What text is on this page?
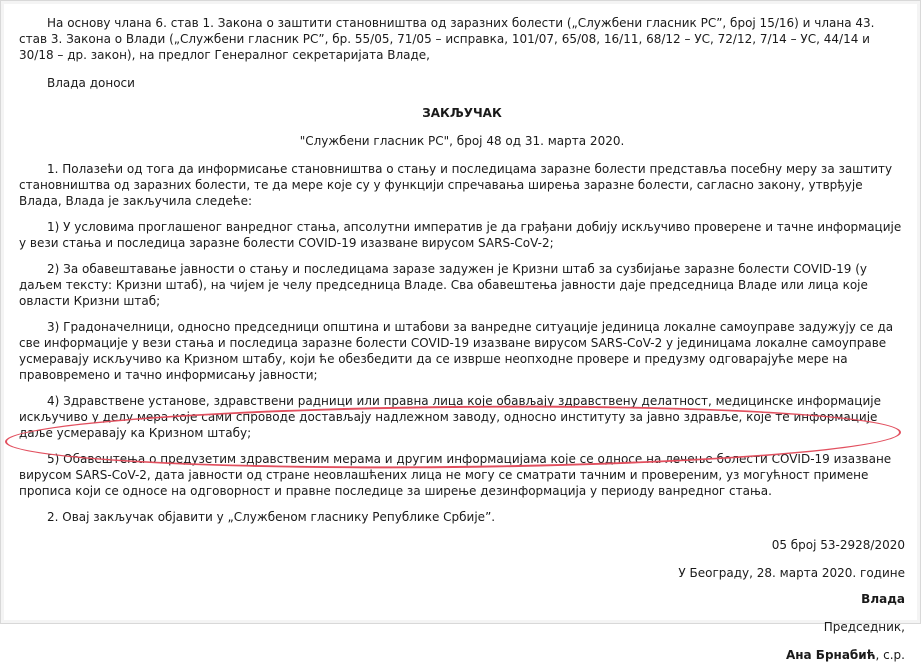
На основу члана 6. став 1. Закона о заштити становништва од заразних болести („Службени гласник РС”, број 15/16) и члана 43. став 3. Закона о Влади („Службени гласник РС”, бр. 55/05, 71/05 – исправка, 101/07, 65/08, 16/11, 68/12 – УС, 72/12, 7/14 – УС, 44/14 и 30/18 – др. закон), на предлог Генералног секретаријата Владе,

Влада доноси

ЗАКЉУЧАК

"Службени гласник РС", број 48 од 31. марта 2020.

1. Полазећи од тога да информисање становништва о стању и последицама заразне болести представља посебну меру за заштиту становништва од заразних болести, те да мере које су у функцији спречавања ширења заразне болести, сагласно закону, утврђује Влада, Влада је закључила следеће:

1) У условима проглашеног ванредног стања, апсолутни императив је да грађани добију искључиво проверене и тачне информације у вези стања и последица заразне болести COVID-19 изазване вирусом SARS-CoV-2;

2) За обавештавање јавности о стању и последицама заразе задужен је Кризни штаб за сузбијање заразне болести COVID-19 (у даљем тексту: Кризни штаб), на чијем је челу председница Владе. Сва обавештења јавности даје председница Владе или лица које овласти Кризни штаб;

3) Градоначелници, односно председници општина и штабови за ванредне ситуације јединица локалне самоуправе задужују се да све информације у вези стања и последица заразне болести COVID-19 изазване вирусом SARS-CoV-2 у јединицама локалне самоуправе усмеравају искључиво ка Кризном штабу, који ће обезбедити да се изврше неопходне провере и предузму одговарајуће мере на правовремено и тачно информисању јавности;

4) Здравствене установе, здравствени радници или правна лица које обављају здравствену делатност, медицинске информације искључиво у делу мера које сами спроводе достављају надлежном заводу, односно институту за јавно здравље, које те информације даље усмеравају ка Кризном штабу;

5) Обавештења о предузетим здравственим мерама и другим информацијама које се односе на лечење болести COVID-19 изазване вирусом SARS-CoV-2, дата јавности од стране неовлашћених лица не могу се сматрати тачним и провереним, уз могућност примене прописа који се односе на одговорност и правне последице за ширење дезинформација у периоду ванредног стања.

2. Овај закључак објавити у „Службеном гласнику Републике Србије”.

05 број 53-2928/2020

У Београду, 28. марта 2020. године

Влада

Председник,

Ана Брнабић, с.р.
